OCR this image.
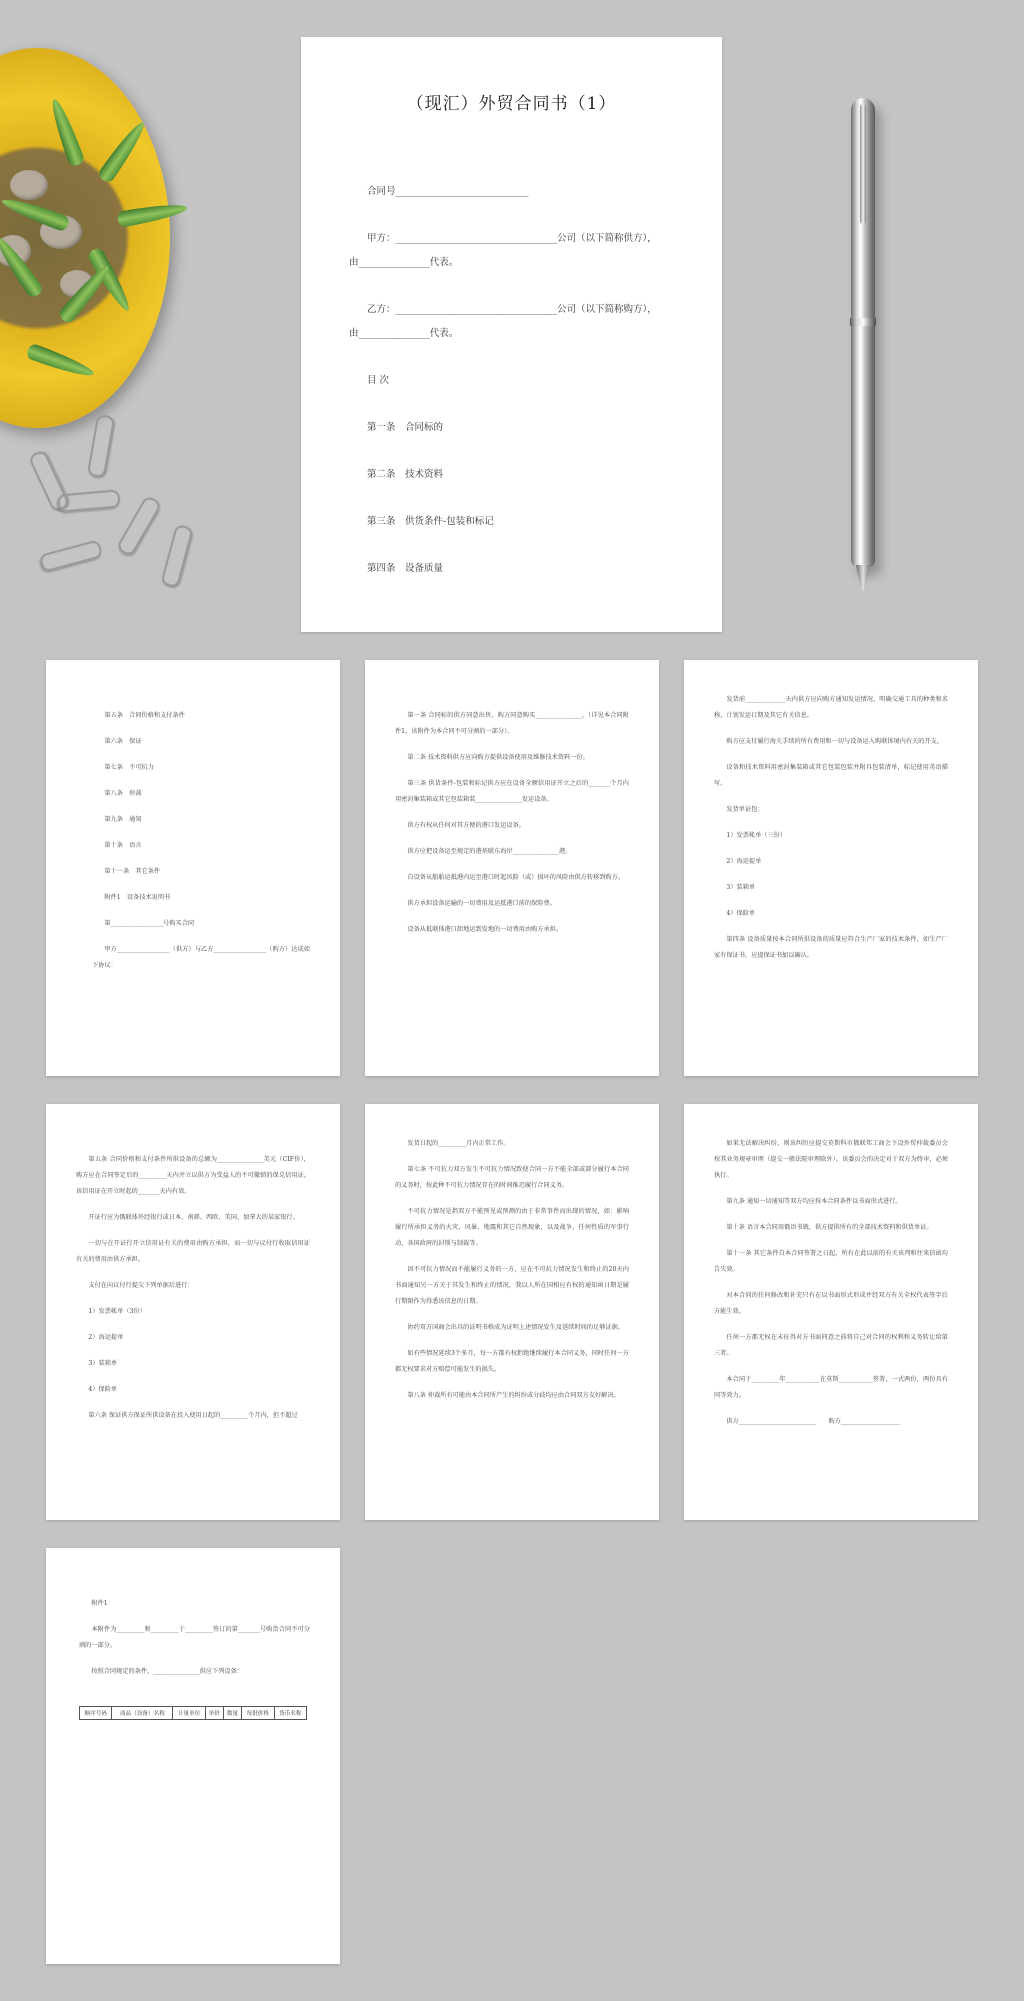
（现汇）外贸合同书（1）
合同号____________________________
甲方：__________________________________公司（以下简称供方），
由_______________代表。
乙方：__________________________________公司（以下简称购方），
由_______________代表。
目 次
第一条　合同标的
第二条　技术资料
第三条　供货条件-包装和标记
第四条　设备质量
第五条　合同价格和支付条件
第六条　保证
第七条　不可抗力
第八条　仲裁
第九条　通知
第十条　语言
第十一条　其它条件
附件1　设备技术说明书
第_________________号购买合同
甲方_________________（供方）与乙方_________________（购方）达成如下协议：
第一条 合同标的供方同意出售，购方同意购买_______________，（详见本合同附件1，该附件为本合同不可分割的一部分）。
第二条 技术资料供方应向购方提供设备使用及维修技术资料一份。
第三条 供货条件-包装和标记供方应在设备全额信用证开立之后的_______个月内用密封集装箱或其它包装箱装_______________发运设备。
供方有权从任何对其方便的港口发运设备。
供方应把设备运至规定的港基联东海岸_______________港。
自设备从船舶运抵港内运至港口时起风险（或）损坏的风险由供方转移到购方。
供方承担设备运输的一切费用及运抵港口前的保险费。
设备从抵联体港口卸地运到发地的一切费用由购方承担。
发货前_____________天内供方应向购方通知发运情况，明确交通工具的种类和名称，计划发运日期及其它有关信息。
购方应支付履行海关手续的所有费用和一切与设备运入购联体境内有关的开支。
设备和技术资料用密封集装箱或其它包装包装并附具包装清单，标记使用英语描写。
发货单证包：
1）发票帐单（三份）
2）海运提单
3）装箱单
4）保险单
第四条 设备质量按本合同所供设备的质量应符合生产厂家的技术条件，如生产厂家有保证书，应提保证书加以确认。
第五条 合同价格和支付条件所供设备的总额为_______________美元（CIF价），购方应在合同签定后的_________天内并立以供方为受益人的不可撤销的保兑信用证。该信用证在开立时起的_______天内有效。
开证行应为俄联体外经银行或日本、南韩、西欧、美国、加拿大的某家银行。
一切与在开证行开立信用证有关的费用由购方承担，而一切与议付行收取信用证有关的费用由供方承担。
支付在向议付行提交下列单据后进行：
1）发票帐单（3份）
2）海运提单
3）装箱单
4）保险单
第六条 保证供方保证所供设备在投入使用日起的_________个月内，但不超过
发货日起的_________月内正常工作。
第七条 不可抗力双方发生不可抗力情况致使合同一方不能全部或部分履行本合同的义务时，按此种不可抗力情况存在的时间推迟履行合同义务。
不可抗力情况是指双方不能预见或预测的由于非常事件而出现的情况，如：影响履行所承担义务的火灾、风暴、地震和其它自然现象，以及战争，任何性质的军事行动，各国政府的封锁与制裁等。
因不可抗力情况而不能履行义务的一方，应在不可抗力情况发生和终止的20天内书面通知另一方关于其发生和终止的情况，我以人所在国相应有权的通知函日期是履行期限作为得悉该信息的日期。
协约双方国商会出具的证明书格成为证明上述情况发生及延续时间的足够证据。
如有些情况延续3个多月，每一方都有权拒绝继续履行本合同义务，同时任何一方都无权要求对方赔偿可能发生的损失。
第八条 仲裁所有可能由本合同所产生的纠纷或分歧均应由合同双方友好解决。
如果无法解决纠纷，则该纠纷应提交莫斯科市俄联邦工商会下设外贸仲裁委员会按其业务规章审理（提交一般法院审理除外）。该委员会的决定对于双方为终审，必须执行。
第九条 通知一切通知等双方均应按本合同条件以书面形式进行。
第十条 语言本合同用俄语书就，供方提供所有的全部技术资料和供货单证。
第十一条 其它条件自本合同签署之日起，所有在此以前的有关该判和往来信函均告失效。
对本合同的任何修改和补充只有在以书面形式形成并经双方有关全权代表签字后方能生效。
任何一方都无权在未征得对方书面同意之前将自己对合同的权利和义务转让给第三者。
本合同于_________年___________在莫斯___________签署，一式两份，两份具有同等效力。
供方_________________________　　购方___________________
附件1
本附件为_________和_________于_________签订的第_______号购货合同不可分割的一部分。
按照合同规定的条件，_______________供应下列设备：
顺序号码	商品（设备）名称	计量单位	单价	数量	每批价格	货币名称
